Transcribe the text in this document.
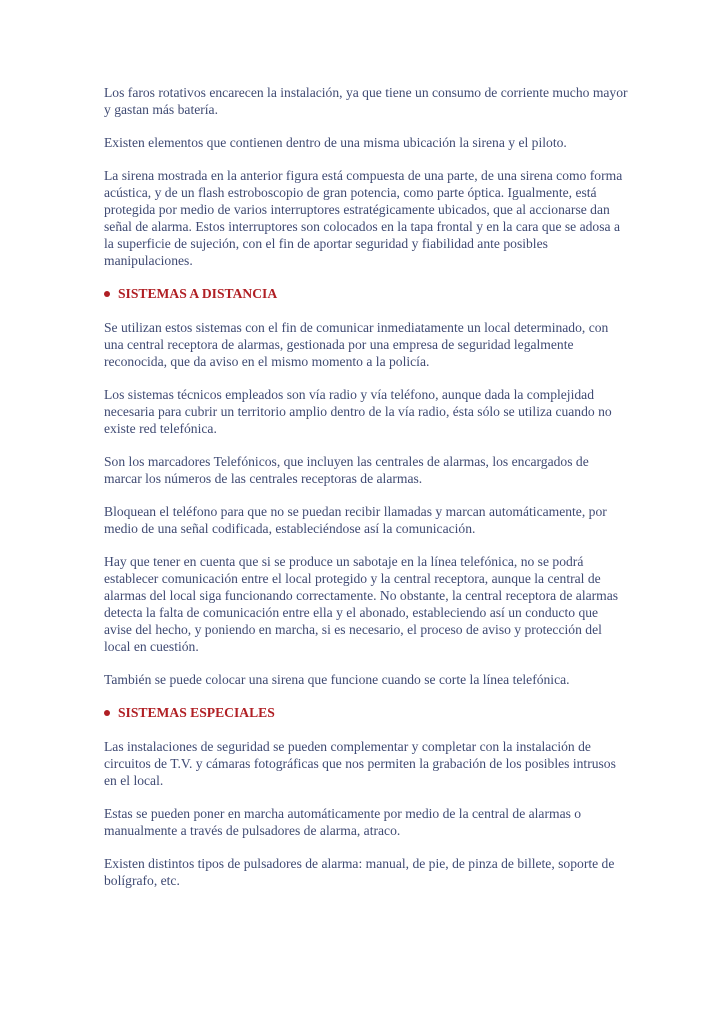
Los faros rotativos encarecen la instalación, ya que tiene un consumo de corriente mucho mayor y gastan más batería.

Existen elementos que contienen dentro de una misma ubicación la sirena y el piloto.

La sirena mostrada en la anterior figura está compuesta de una parte, de una sirena como forma acústica, y de un flash estroboscopio de gran potencia, como parte óptica. Igualmente, está protegida por medio de varios interruptores estratégicamente ubicados, que al accionarse dan señal de alarma. Estos interruptores son colocados en la tapa frontal y en la cara que se adosa a la superficie de sujeción, con el fin de aportar seguridad y fiabilidad ante posibles manipulaciones.

SISTEMAS A DISTANCIA

Se utilizan estos sistemas con el fin de comunicar inmediatamente un local determinado, con una central receptora de alarmas, gestionada por una empresa de seguridad legalmente reconocida, que da aviso en el mismo momento a la policía.

Los sistemas técnicos empleados son vía radio y vía teléfono, aunque dada la complejidad necesaria para cubrir un territorio amplio dentro de la vía radio, ésta sólo se utiliza cuando no existe red telefónica.

Son los marcadores Telefónicos, que incluyen las centrales de alarmas, los encargados de marcar los números de las centrales receptoras de alarmas.

Bloquean el teléfono para que no se puedan recibir llamadas y marcan automáticamente, por medio de una señal codificada, estableciéndose así la comunicación.

Hay que tener en cuenta que si se produce un sabotaje en la línea telefónica, no se podrá establecer comunicación entre el local protegido y la central receptora, aunque la central de alarmas del local siga funcionando correctamente. No obstante, la central receptora de alarmas detecta la falta de comunicación entre ella y el abonado, estableciendo así un conducto que avise del hecho, y poniendo en marcha, si es necesario, el proceso de aviso y protección del local en cuestión.

También se puede colocar una sirena que funcione cuando se corte la línea telefónica.

SISTEMAS ESPECIALES

Las instalaciones de seguridad se pueden complementar y completar con la instalación de circuitos de T.V. y cámaras fotográficas que nos permiten la grabación de los posibles intrusos en el local.

Estas se pueden poner en marcha automáticamente por medio de la central de alarmas o manualmente a través de pulsadores de alarma, atraco.

Existen distintos tipos de pulsadores de alarma: manual, de pie, de pinza de billete, soporte de bolígrafo, etc.
